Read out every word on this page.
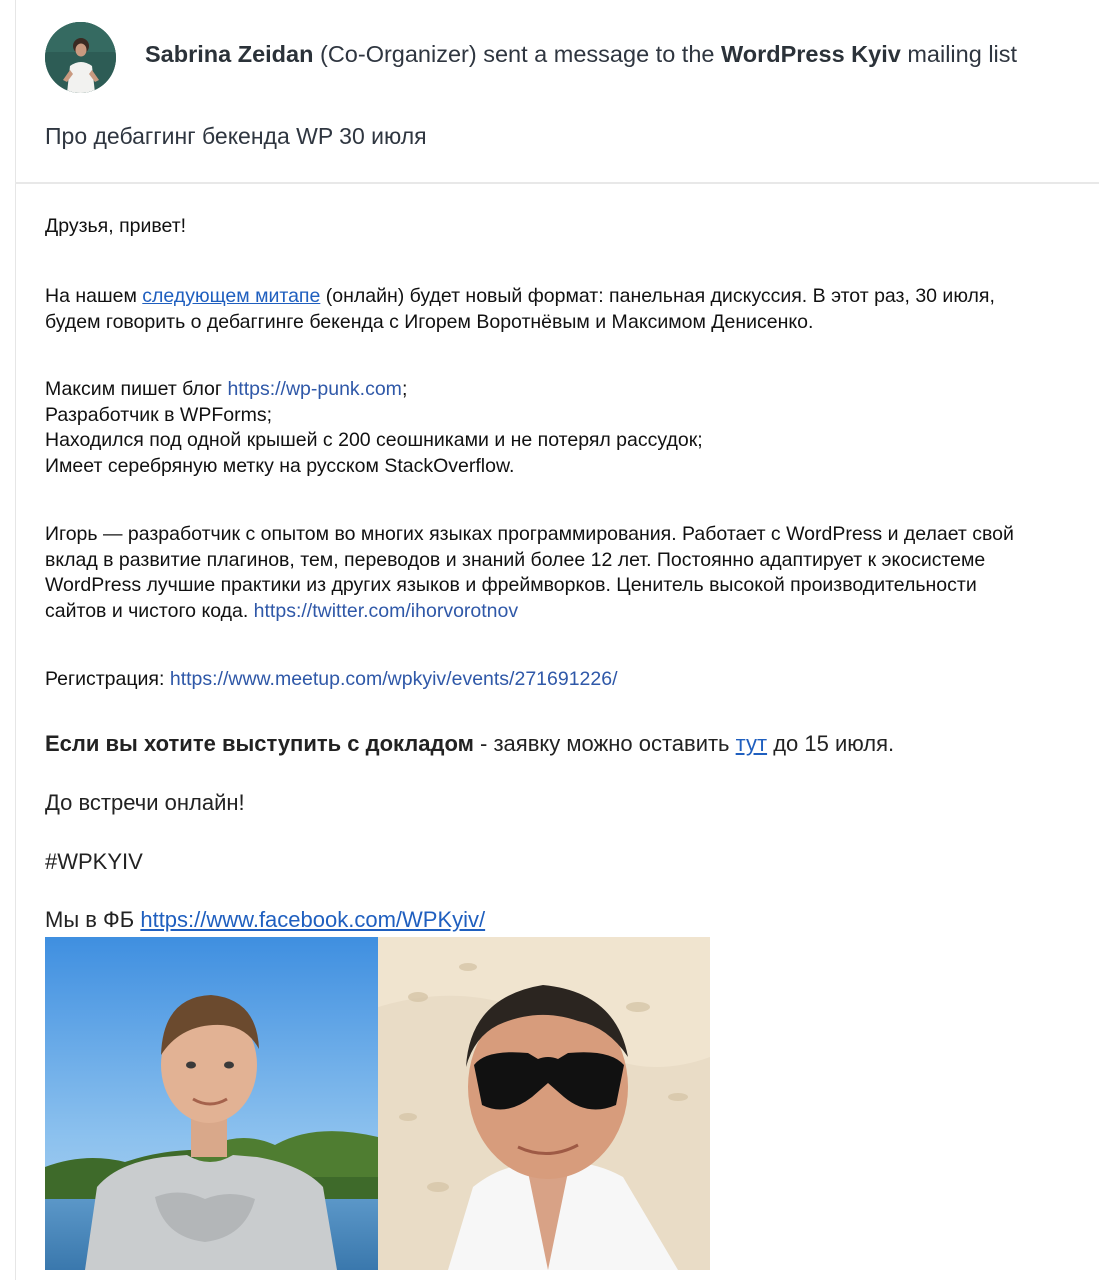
Sabrina Zeidan (Co-Organizer) sent a message to the WordPress Kyiv mailing list
Про дебаггинг бекенда WP 30 июля
Друзья, привет!
На нашем следующем митапе (онлайн) будет новый формат: панельная дискуссия. В этот раз, 30 июля,
будем говорить о дебаггинге бекенда с Игорем Воротнёвым и Максимом Денисенко.
Максим пишет блог https://wp-punk.com;
Разработчик в WPForms;
Находился под одной крышей с 200 сеошниками и не потерял рассудок;
Имеет серебряную метку на русском StackOverflow.
Игорь — разработчик с опытом во многих языках программирования. Работает с WordPress и делает свой
вклад в развитие плагинов, тем, переводов и знаний более 12 лет. Постоянно адаптирует к экосистеме
WordPress лучшие практики из других языков и фреймворков. Ценитель высокой производительности
сайтов и чистого кода. https://twitter.com/ihorvorotnov
Регистрация: https://www.meetup.com/wpkyiv/events/271691226/
Если вы хотите выступить с докладом - заявку можно оставить тут до 15 июля.
До встречи онлайн!
#WPKYIV
Мы в ФБ https://www.facebook.com/WPKyiv/
